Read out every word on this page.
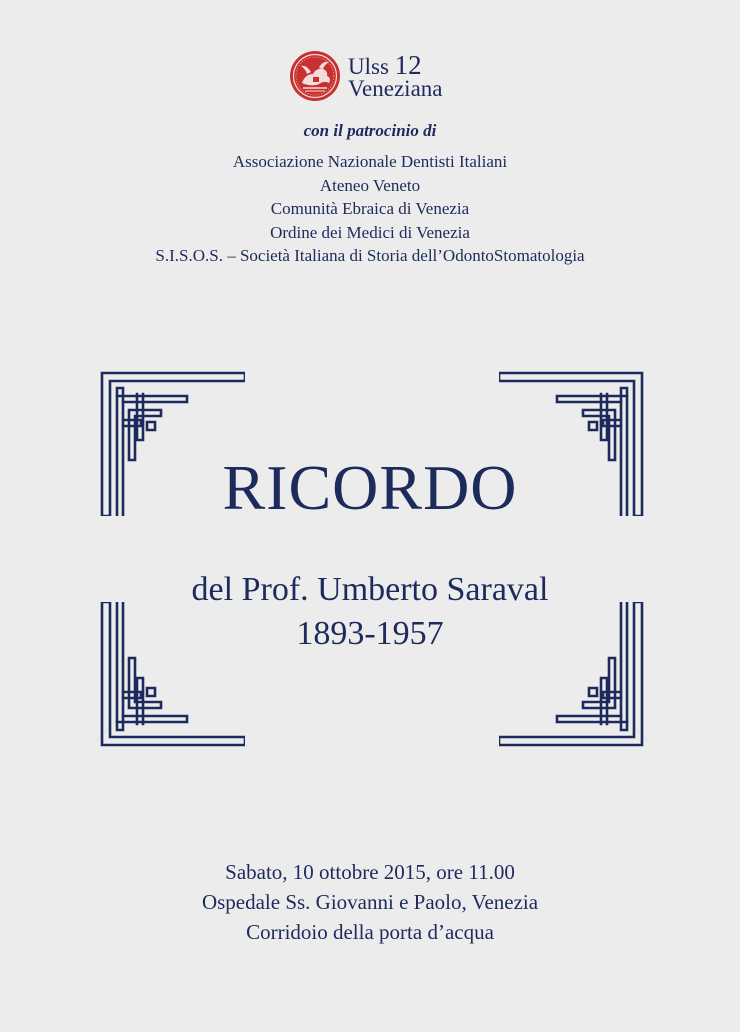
Ulss 12
Veneziana
con il patrocinio di
Associazione Nazionale Dentisti Italiani
Ateneo Veneto
Comunità Ebraica di Venezia
Ordine dei Medici di Venezia
S.I.S.O.S. – Società Italiana di Storia dell’OdontoStomatologia
RICORDO
del Prof. Umberto Saraval
1893-1957
Sabato, 10 ottobre 2015, ore 11.00
Ospedale Ss. Giovanni e Paolo, Venezia
Corridoio della porta d’acqua
